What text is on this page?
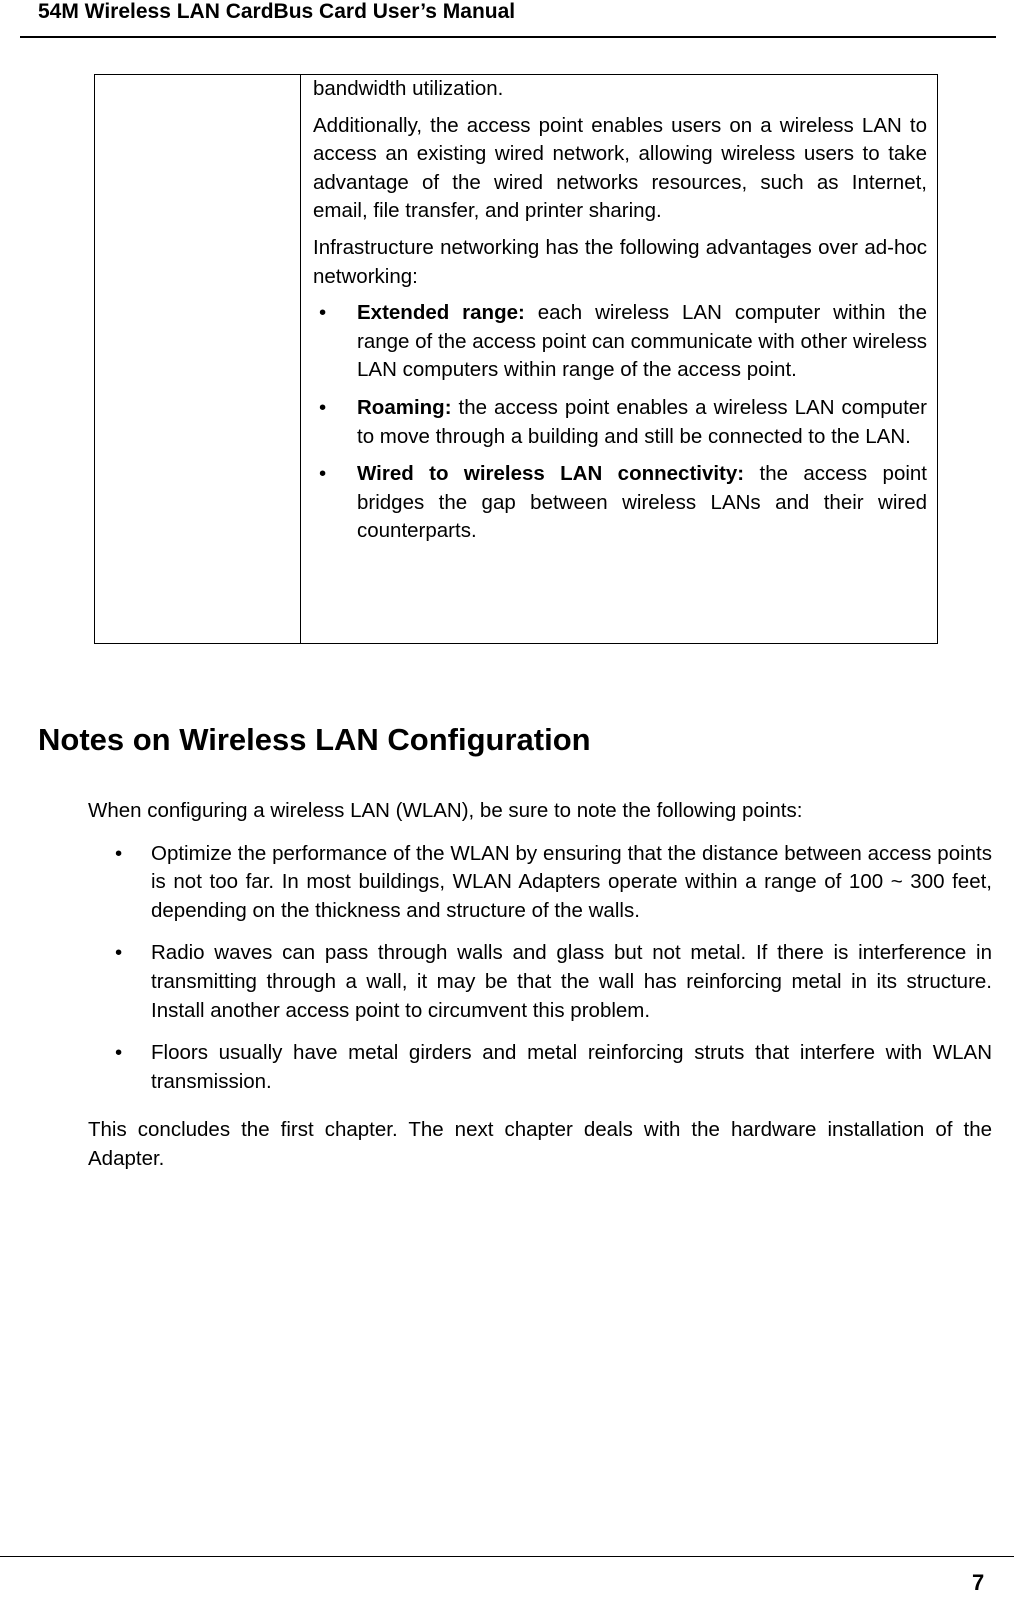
54M Wireless LAN CardBus Card User’s Manual

bandwidth utilization.

Additionally, the access point enables users on a wireless LAN to access an existing wired network, allowing wireless users to take advantage of the wired networks resources, such as Internet, email, file transfer, and printer sharing.

Infrastructure networking has the following advantages over ad-hoc networking:

• Extended range: each wireless LAN computer within the range of the access point can communicate with other wireless LAN computers within range of the access point.
• Roaming: the access point enables a wireless LAN computer to move through a building and still be connected to the LAN.
• Wired to wireless LAN connectivity: the access point bridges the gap between wireless LANs and their wired counterparts.
Notes on Wireless LAN Configuration

When configuring a wireless LAN (WLAN), be sure to note the following points:

• Optimize the performance of the WLAN by ensuring that the distance between access points is not too far. In most buildings, WLAN Adapters operate within a range of 100 ~ 300 feet, depending on the thickness and structure of the walls.
• Radio waves can pass through walls and glass but not metal. If there is interference in transmitting through a wall, it may be that the wall has reinforcing metal in its structure. Install another access point to circumvent this problem.
• Floors usually have metal girders and metal reinforcing struts that interfere with WLAN transmission.

This concludes the first chapter. The next chapter deals with the hardware installation of the Adapter.

7
